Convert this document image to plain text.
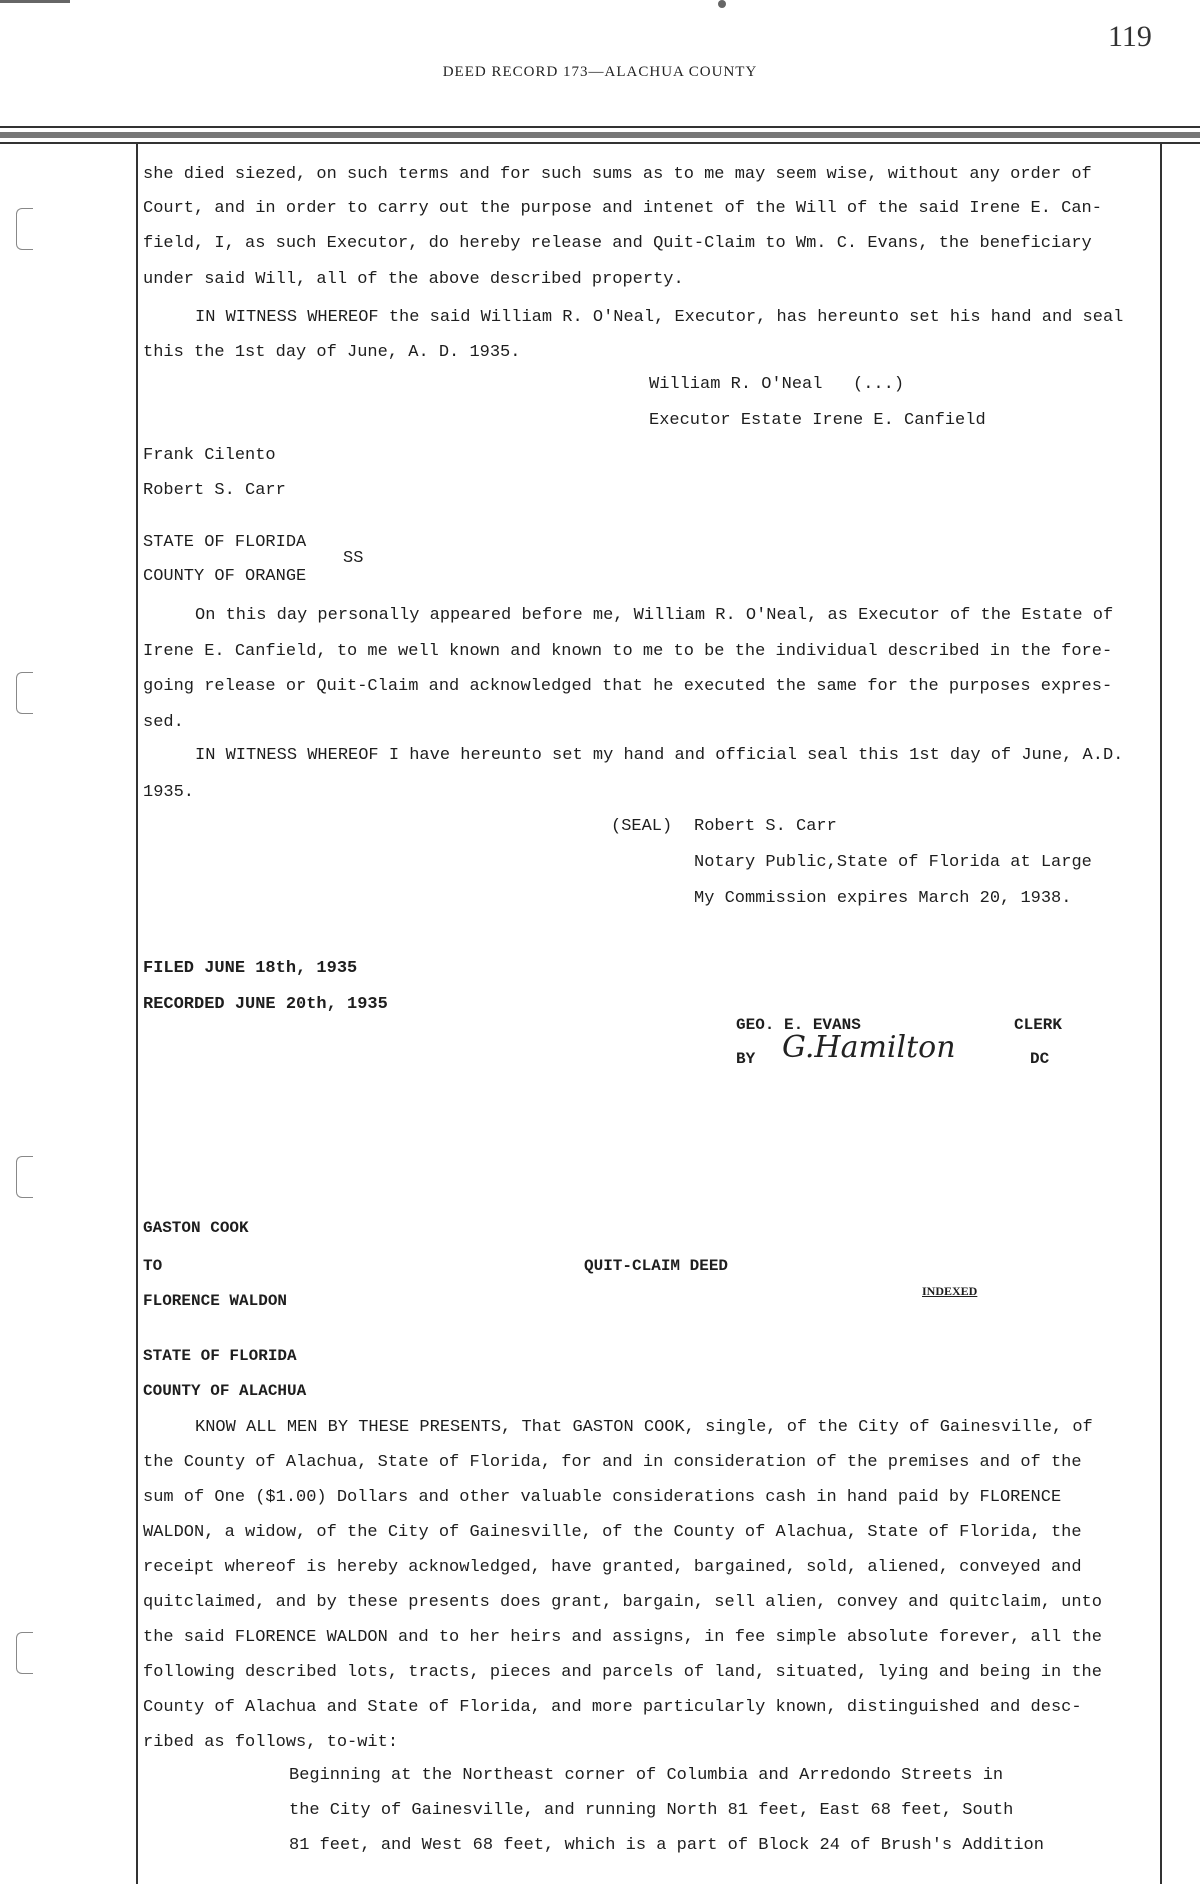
119
DEED RECORD 173—ALACHUA COUNTY
she died siezed, on such terms and for such sums as to me may seem wise, without any order of
Court, and in order to carry out the purpose and intenet of the Will of the said Irene E. Can-
field, I, as such Executor, do hereby release and Quit-Claim to Wm. C. Evans, the beneficiary
under said Will, all of the above described property.
IN WITNESS WHEREOF the said William R. O'Neal, Executor, has hereunto set his hand and seal
this the 1st day of June, A. D. 1935.
William R. O'Neal   (...)
Executor Estate Irene E. Canfield
Frank Cilento
Robert S. Carr
STATE OF FLORIDA
SS
COUNTY OF ORANGE
On this day personally appeared before me, William R. O'Neal, as Executor of the Estate of
Irene E. Canfield, to me well known and known to me to be the individual described in the fore-
going release or Quit-Claim and acknowledged that he executed the same for the purposes expres-
sed.
IN WITNESS WHEREOF I have hereunto set my hand and official seal this 1st day of June, A.D.
1935.
(SEAL) Robert S. Carr
Notary Public,State of Florida at Large
My Commission expires March 20, 1938.
FILED JUNE 18th, 1935
RECORDED JUNE 20th, 1935
GEO. E. EVANS	CLERK
BY G.Hamilton	DC
GASTON COOK
TO	QUIT-CLAIM DEED
FLORENCE WALDON
INDEXED
STATE OF FLORIDA
COUNTY OF ALACHUA
KNOW ALL MEN BY THESE PRESENTS, That GASTON COOK, single, of the City of Gainesville, of
the County of Alachua, State of Florida, for and in consideration of the premises and of the
sum of One ($1.00) Dollars and other valuable considerations cash in hand paid by FLORENCE
WALDON, a widow, of the City of Gainesville, of the County of Alachua, State of Florida, the
receipt whereof is hereby acknowledged, have granted, bargained, sold, aliened, conveyed and
quitclaimed, and by these presents does grant, bargain, sell alien, convey and quitclaim, unto
the said FLORENCE WALDON and to her heirs and assigns, in fee simple absolute forever, all the
following described lots, tracts, pieces and parcels of land, situated, lying and being in the
County of Alachua and State of Florida, and more particularly known, distinguished and desc-
ribed as follows, to-wit:
Beginning at the Northeast corner of Columbia and Arredondo Streets in
the City of Gainesville, and running North 81 feet, East 68 feet, South
81 feet, and West 68 feet, which is a part of Block 24 of Brush's Addition
